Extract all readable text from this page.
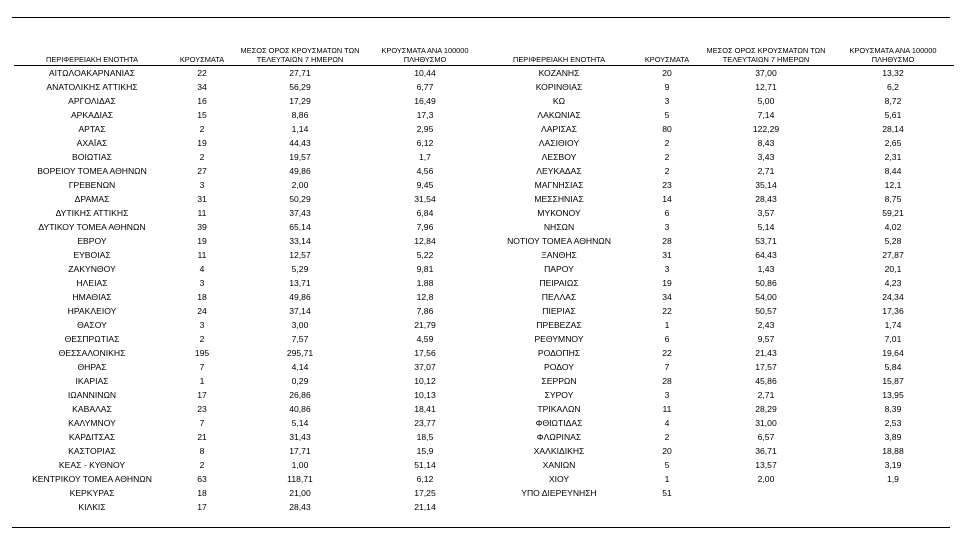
ΠΕΡΙΦΕΡΕΙΑΚΗ ΕΝΟΤΗΤΑ	ΚΡΟΥΣΜΑΤΑ	ΜΕΣΟΣ ΟΡΟΣ ΚΡΟΥΣΜΑΤΩΝ ΤΩΝ ΤΕΛΕΥΤΑΙΩΝ 7 ΗΜΕΡΩΝ	ΚΡΟΥΣΜΑΤΑ ΑΝΑ 100000 ΠΛΗΘΥΣΜΟ
ΑΙΤΩΛΟΑΚΑΡΝΑΝΙΑΣ	22	27,71	10,44
ΑΝΑΤΟΛΙΚΗΣ ΑΤΤΙΚΗΣ	34	56,29	6,77
ΑΡΓΟΛΙΔΑΣ	16	17,29	16,49
ΑΡΚΑΔΙΑΣ	15	8,86	17,3
ΑΡΤΑΣ	2	1,14	2,95
ΑΧΑΪΑΣ	19	44,43	6,12
ΒΟΙΩΤΙΑΣ	2	19,57	1,7
ΒΟΡΕΙΟΥ ΤΟΜΕΑ ΑΘΗΝΩΝ	27	49,86	4,56
ΓΡΕΒΕΝΩΝ	3	2,00	9,45
ΔΡΑΜΑΣ	31	50,29	31,54
ΔΥΤΙΚΗΣ ΑΤΤΙΚΗΣ	11	37,43	6,84
ΔΥΤΙΚΟΥ ΤΟΜΕΑ ΑΘΗΝΩΝ	39	65,14	7,96
ΕΒΡΟΥ	19	33,14	12,84
ΕΥΒΟΙΑΣ	11	12,57	5,22
ΖΑΚΥΝΘΟΥ	4	5,29	9,81
ΗΛΕΙΑΣ	3	13,71	1,88
ΗΜΑΘΙΑΣ	18	49,86	12,8
ΗΡΑΚΛΕΙΟΥ	24	37,14	7,86
ΘΑΣΟΥ	3	3,00	21,79
ΘΕΣΠΡΩΤΙΑΣ	2	7,57	4,59
ΘΕΣΣΑΛΟΝΙΚΗΣ	195	295,71	17,56
ΘΗΡΑΣ	7	4,14	37,07
ΙΚΑΡΙΑΣ	1	0,29	10,12
ΙΩΑΝΝΙΝΩΝ	17	26,86	10,13
ΚΑΒΑΛΑΣ	23	40,86	18,41
ΚΑΛΥΜΝΟΥ	7	5,14	23,77
ΚΑΡΔΙΤΣΑΣ	21	31,43	18,5
ΚΑΣΤΟΡΙΑΣ	8	17,71	15,9
ΚΕΑΣ - ΚΥΘΝΟΥ	2	1,00	51,14
ΚΕΝΤΡΙΚΟΥ ΤΟΜΕΑ ΑΘΗΝΩΝ	63	118,71	6,12
ΚΕΡΚΥΡΑΣ	18	21,00	17,25
ΚΙΛΚΙΣ	17	28,43	21,14
ΠΕΡΙΦΕΡΕΙΑΚΗ ΕΝΟΤΗΤΑ	ΚΡΟΥΣΜΑΤΑ	ΜΕΣΟΣ ΟΡΟΣ ΚΡΟΥΣΜΑΤΩΝ ΤΩΝ ΤΕΛΕΥΤΑΙΩΝ 7 ΗΜΕΡΩΝ	ΚΡΟΥΣΜΑΤΑ ΑΝΑ 100000 ΠΛΗΘΥΣΜΟ
ΚΟΖΑΝΗΣ	20	37,00	13,32
ΚΟΡΙΝΘΙΑΣ	9	12,71	6,2
ΚΩ	3	5,00	8,72
ΛΑΚΩΝΙΑΣ	5	7,14	5,61
ΛΑΡΙΣΑΣ	80	122,29	28,14
ΛΑΣΙΘΙΟΥ	2	8,43	2,65
ΛΕΣΒΟΥ	2	3,43	2,31
ΛΕΥΚΑΔΑΣ	2	2,71	8,44
ΜΑΓΝΗΣΙΑΣ	23	35,14	12,1
ΜΕΣΣΗΝΙΑΣ	14	28,43	8,75
ΜΥΚΟΝΟΥ	6	3,57	59,21
ΝΗΣΩΝ	3	5,14	4,02
ΝΟΤΙΟΥ ΤΟΜΕΑ ΑΘΗΝΩΝ	28	53,71	5,28
ΞΑΝΘΗΣ	31	64,43	27,87
ΠΑΡΟΥ	3	1,43	20,1
ΠΕΙΡΑΙΩΣ	19	50,86	4,23
ΠΕΛΛΑΣ	34	54,00	24,34
ΠΙΕΡΙΑΣ	22	50,57	17,36
ΠΡΕΒΕΖΑΣ	1	2,43	1,74
ΡΕΘΥΜΝΟΥ	6	9,57	7,01
ΡΟΔΟΠΗΣ	22	21,43	19,64
ΡΟΔΟΥ	7	17,57	5,84
ΣΕΡΡΩΝ	28	45,86	15,87
ΣΥΡΟΥ	3	2,71	13,95
ΤΡΙΚΑΛΩΝ	11	28,29	8,39
ΦΘΙΩΤΙΔΑΣ	4	31,00	2,53
ΦΛΩΡΙΝΑΣ	2	6,57	3,89
ΧΑΛΚΙΔΙΚΗΣ	20	36,71	18,88
ΧΑΝΙΩΝ	5	13,57	3,19
ΧΙΟΥ	1	2,00	1,9
ΥΠΟ ΔΙΕΡΕΥΝΗΣΗ	51		
